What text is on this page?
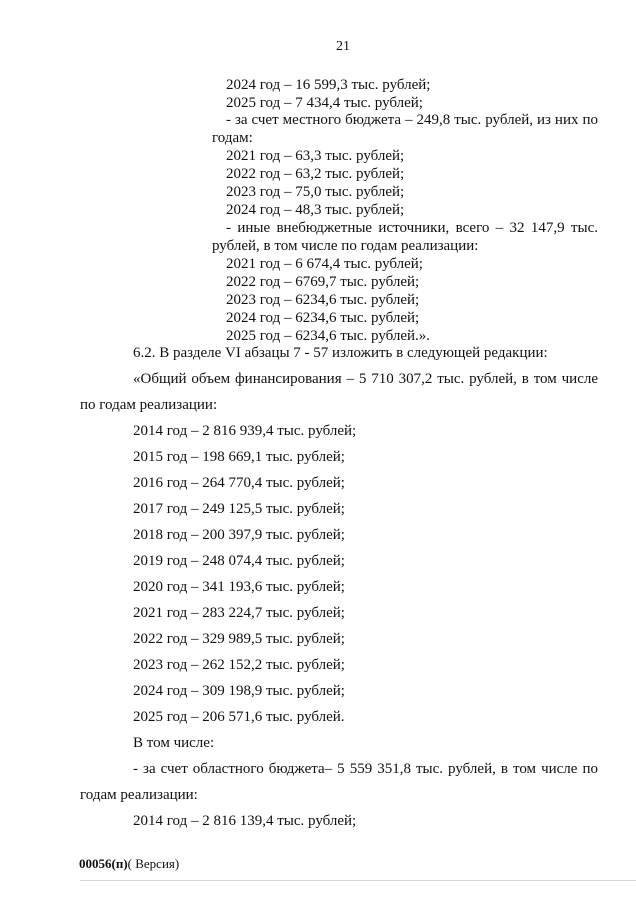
21
2024 год – 16 599,3 тыс. рублей;
2025 год – 7 434,4 тыс. рублей;
- за счет местного бюджета – 249,8 тыс. рублей, из них по
годам:
2021 год – 63,3 тыс. рублей;
2022 год – 63,2 тыс. рублей;
2023 год – 75,0 тыс. рублей;
2024 год – 48,3 тыс. рублей;
- иные внебюджетные источники, всего – 32 147,9 тыс.
рублей, в том числе по годам реализации:
2021 год – 6 674,4 тыс. рублей;
2022 год – 6769,7 тыс. рублей;
2023 год – 6234,6 тыс. рублей;
2024 год – 6234,6 тыс. рублей;
2025 год – 6234,6 тыс. рублей.».
6.2. В разделе VI абзацы 7 - 57 изложить в следующей редакции:
«Общий объем финансирования – 5 710 307,2 тыс. рублей, в том числе
по годам реализации:
2014 год – 2 816 939,4 тыс. рублей;
2015 год – 198 669,1 тыс. рублей;
2016 год – 264 770,4 тыс. рублей;
2017 год – 249 125,5 тыс. рублей;
2018 год – 200 397,9 тыс. рублей;
2019 год – 248 074,4 тыс. рублей;
2020 год – 341 193,6 тыс. рублей;
2021 год – 283 224,7 тыс. рублей;
2022 год – 329 989,5 тыс. рублей;
2023 год – 262 152,2 тыс. рублей;
2024 год – 309 198,9 тыс. рублей;
2025 год – 206 571,6 тыс. рублей.
В том числе:
- за счет областного бюджета– 5 559 351,8 тыс. рублей, в том числе по
годам реализации:
2014 год – 2 816 139,4 тыс. рублей;
00056(п)( Версия)
